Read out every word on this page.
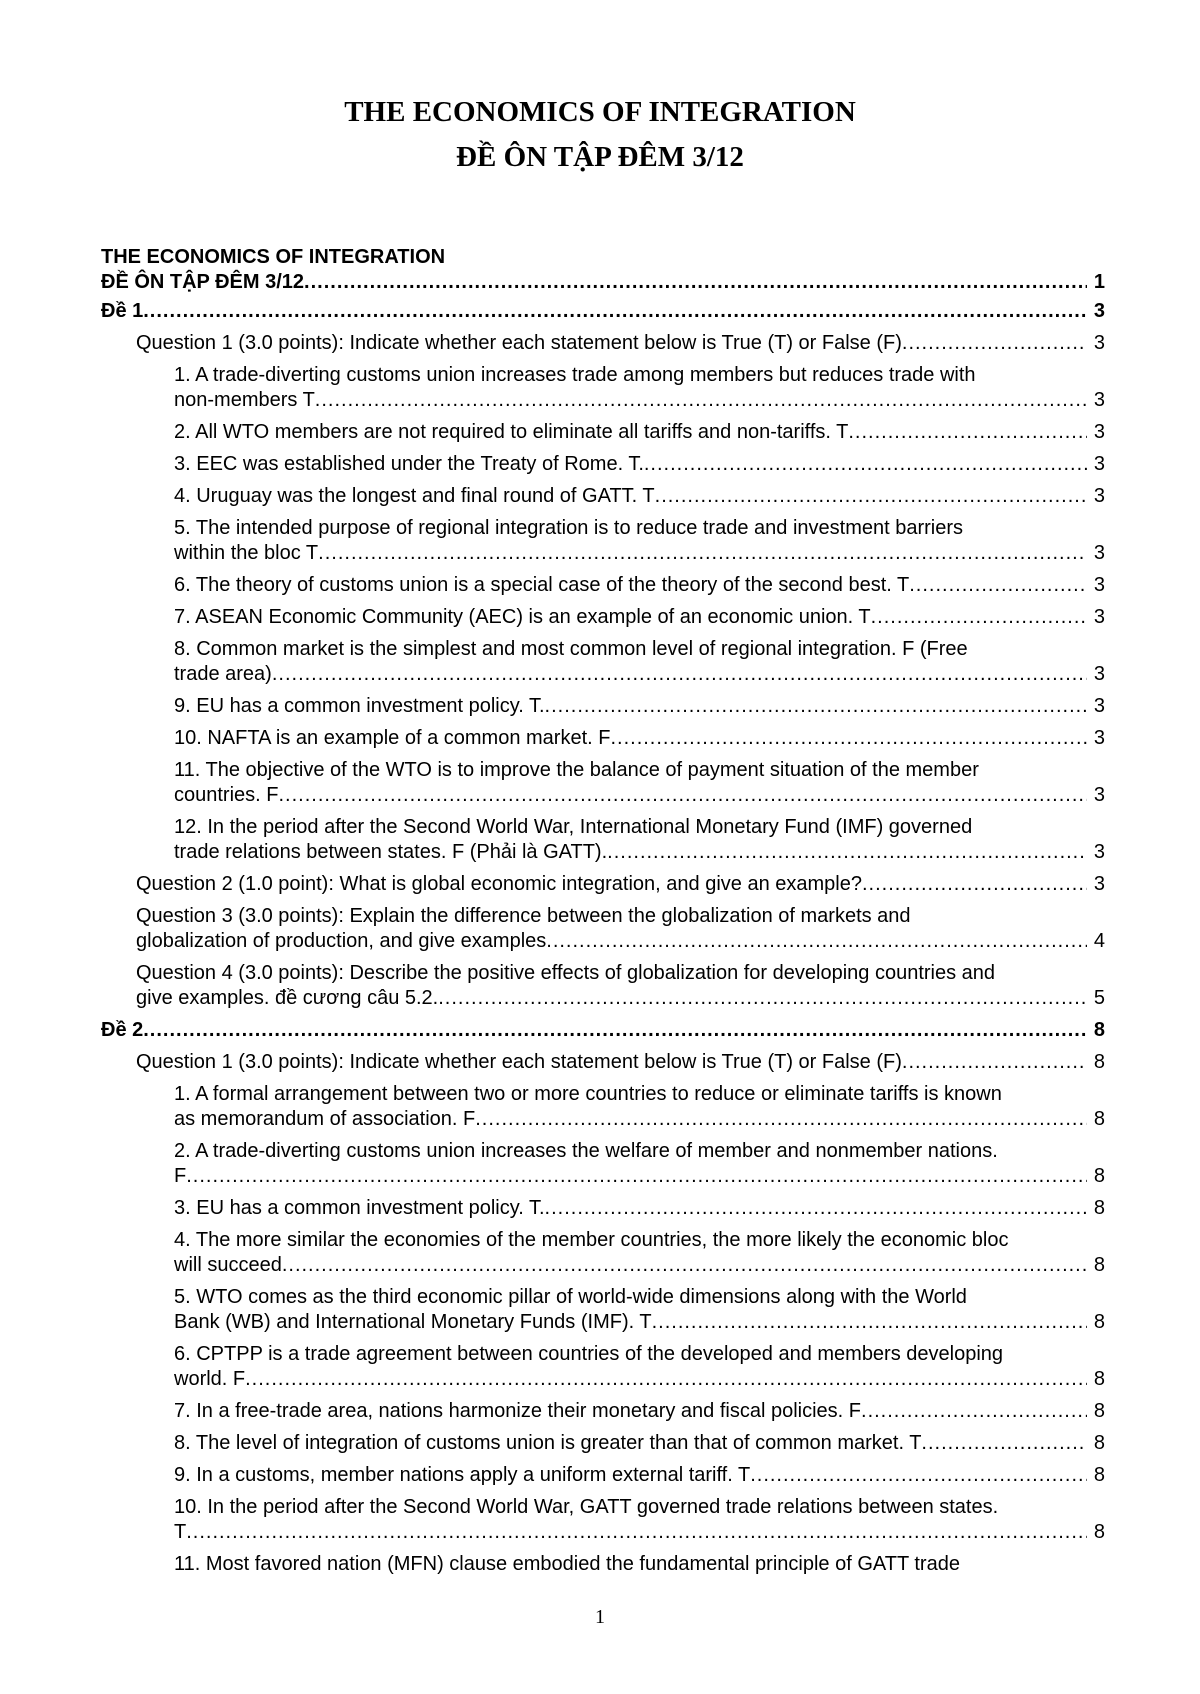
THE ECONOMICS OF INTEGRATION
ĐỀ ÔN TẬP ĐÊM 3/12
THE ECONOMICS OF INTEGRATION
ĐỀ ÔN TẬP ĐÊM 3/12 .....	1
Đề 1 .....	3
Question 1 (3.0 points): Indicate whether each statement below is True (T) or False (F) .....	3
1. A trade-diverting customs union increases trade among members but reduces trade with
non-members T .....	3
2. All WTO members are not required to eliminate all tariffs and non-tariffs. T .....	3
3. EEC was established under the Treaty of Rome. T. .....	3
4. Uruguay was the longest and final round of GATT. T .....	3
5. The intended purpose of regional integration is to reduce trade and investment barriers
within the bloc T .....	3
6. The theory of customs union is a special case of the theory of the second best. T .....	3
7. ASEAN Economic Community (AEC) is an example of an economic union. T .....	3
8. Common market is the simplest and most common level of regional integration. F (Free
trade area) .....	3
9. EU has a common investment policy. T. .....	3
10. NAFTA is an example of a common market. F .....	3
11. The objective of the WTO is to improve the balance of payment situation of the member
countries. F .....	3
12. In the period after the Second World War, International Monetary Fund (IMF) governed
trade relations between states. F (Phải là GATT). .....	3
Question 2 (1.0 point): What is global economic integration, and give an example? .....	3
Question 3 (3.0 points): Explain the difference between the globalization of markets and
globalization of production, and give examples .....	4
Question 4 (3.0 points): Describe the positive effects of globalization for developing countries and
give examples. đề cương câu 5.2. .....	5
Đề 2 .....	8
Question 1 (3.0 points): Indicate whether each statement below is True (T) or False (F) .....	8
1. A formal arrangement between two or more countries to reduce or eliminate tariffs is known
as memorandum of association. F .....	8
2. A trade-diverting customs union increases the welfare of member and nonmember nations.
F .....	8
3. EU has a common investment policy. T. .....	8
4. The more similar the economies of the member countries, the more likely the economic bloc
will succeed .....	8
5. WTO comes as the third economic pillar of world-wide dimensions along with the World
Bank (WB) and International Monetary Funds (IMF). T .....	8
6. CPTPP is a trade agreement between countries of the developed and members developing
world. F .....	8
7. In a free-trade area, nations harmonize their monetary and fiscal policies. F .....	8
8. The level of integration of customs union is greater than that of common market. T .....	8
9. In a customs, member nations apply a uniform external tariff. T .....	8
10. In the period after the Second World War, GATT governed trade relations between states.
T .....	8
11. Most favored nation (MFN) clause embodied the fundamental principle of GATT trade
1
